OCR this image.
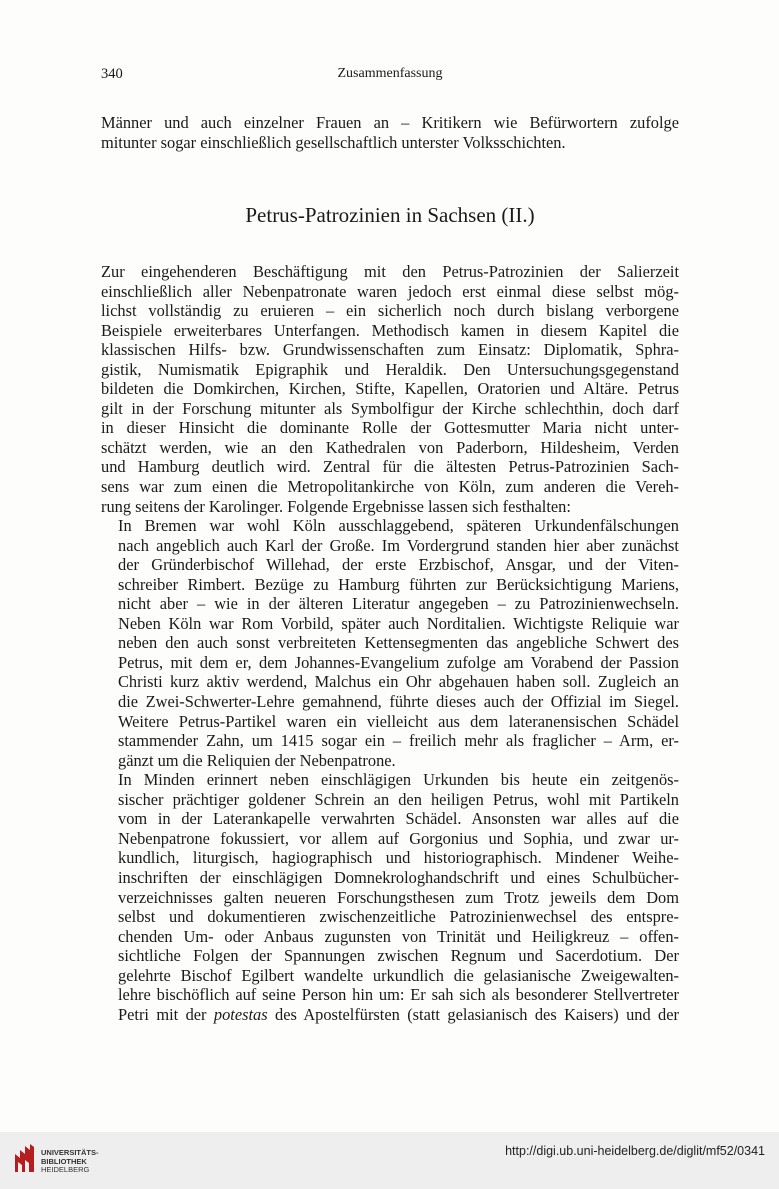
340	Zusammenfassung
Männer und auch einzelner Frauen an – Kritikern wie Befürwortern zufolge
mitunter sogar einschließlich gesellschaftlich unterster Volksschichten.
Petrus-Patrozinien in Sachsen (II.)

Zur eingehenderen Beschäftigung mit den Petrus-Patrozinien der Salierzeit
einschließlich aller Nebenpatronate waren jedoch erst einmal diese selbst mög-
lichst vollständig zu eruieren – ein sicherlich noch durch bislang verborgene
Beispiele erweiterbares Unterfangen. Methodisch kamen in diesem Kapitel die
klassischen Hilfs- bzw. Grundwissenschaften zum Einsatz: Diplomatik, Sphra-
gistik, Numismatik Epigraphik und Heraldik. Den Untersuchungsgegenstand
bildeten die Domkirchen, Kirchen, Stifte, Kapellen, Oratorien und Altäre. Petrus
gilt in der Forschung mitunter als Symbolfigur der Kirche schlechthin, doch darf
in dieser Hinsicht die dominante Rolle der Gottesmutter Maria nicht unter-
schätzt werden, wie an den Kathedralen von Paderborn, Hildesheim, Verden
und Hamburg deutlich wird. Zentral für die ältesten Petrus-Patrozinien Sach-
sens war zum einen die Metropolitankirche von Köln, zum anderen die Vereh-
rung seitens der Karolinger. Folgende Ergebnisse lassen sich festhalten:

In Bremen war wohl Köln ausschlaggebend, späteren Urkundenfälschungen
nach angeblich auch Karl der Große. Im Vordergrund standen hier aber zunächst
der Gründerbischof Willehad, der erste Erzbischof, Ansgar, und der Viten-
schreiber Rimbert. Bezüge zu Hamburg führten zur Berücksichtigung Mariens,
nicht aber – wie in der älteren Literatur angegeben – zu Patrozinienwechseln.
Neben Köln war Rom Vorbild, später auch Norditalien. Wichtigste Reliquie war
neben den auch sonst verbreiteten Kettensegmenten das angebliche Schwert des
Petrus, mit dem er, dem Johannes-Evangelium zufolge am Vorabend der Passion
Christi kurz aktiv werdend, Malchus ein Ohr abgehauen haben soll. Zugleich an
die Zwei-Schwerter-Lehre gemahnend, führte dieses auch der Offizial im Siegel.
Weitere Petrus-Partikel waren ein vielleicht aus dem lateranensischen Schädel
stammender Zahn, um 1415 sogar ein – freilich mehr als fraglicher – Arm, er-
gänzt um die Reliquien der Nebenpatrone.

In Minden erinnert neben einschlägigen Urkunden bis heute ein zeitgenös-
sischer prächtiger goldener Schrein an den heiligen Petrus, wohl mit Partikeln
vom in der Laterankapelle verwahrten Schädel. Ansonsten war alles auf die
Nebenpatrone fokussiert, vor allem auf Gorgonius und Sophia, und zwar ur-
kundlich, liturgisch, hagiographisch und historiographisch. Mindener Weihe-
inschriften der einschlägigen Domnekrologhandschrift und eines Schulbücher-
verzeichnisses galten neueren Forschungsthesen zum Trotz jeweils dem Dom
selbst und dokumentieren zwischenzeitliche Patrozinienwechsel des entspre-
chenden Um- oder Anbaus zugunsten von Trinität und Heiligkreuz – offen-
sichtliche Folgen der Spannungen zwischen Regnum und Sacerdotium. Der
gelehrte Bischof Egilbert wandelte urkundlich die gelasianische Zweigewalten-
lehre bischöflich auf seine Person hin um: Er sah sich als besonderer Stellvertreter
Petri mit der potestas des Apostelfürsten (statt gelasianisch des Kaisers) und der

UNIVERSITÄTS-
BIBLIOTHEK
HEIDELBERG
http://digi.ub.uni-heidelberg.de/diglit/mf52/0341
